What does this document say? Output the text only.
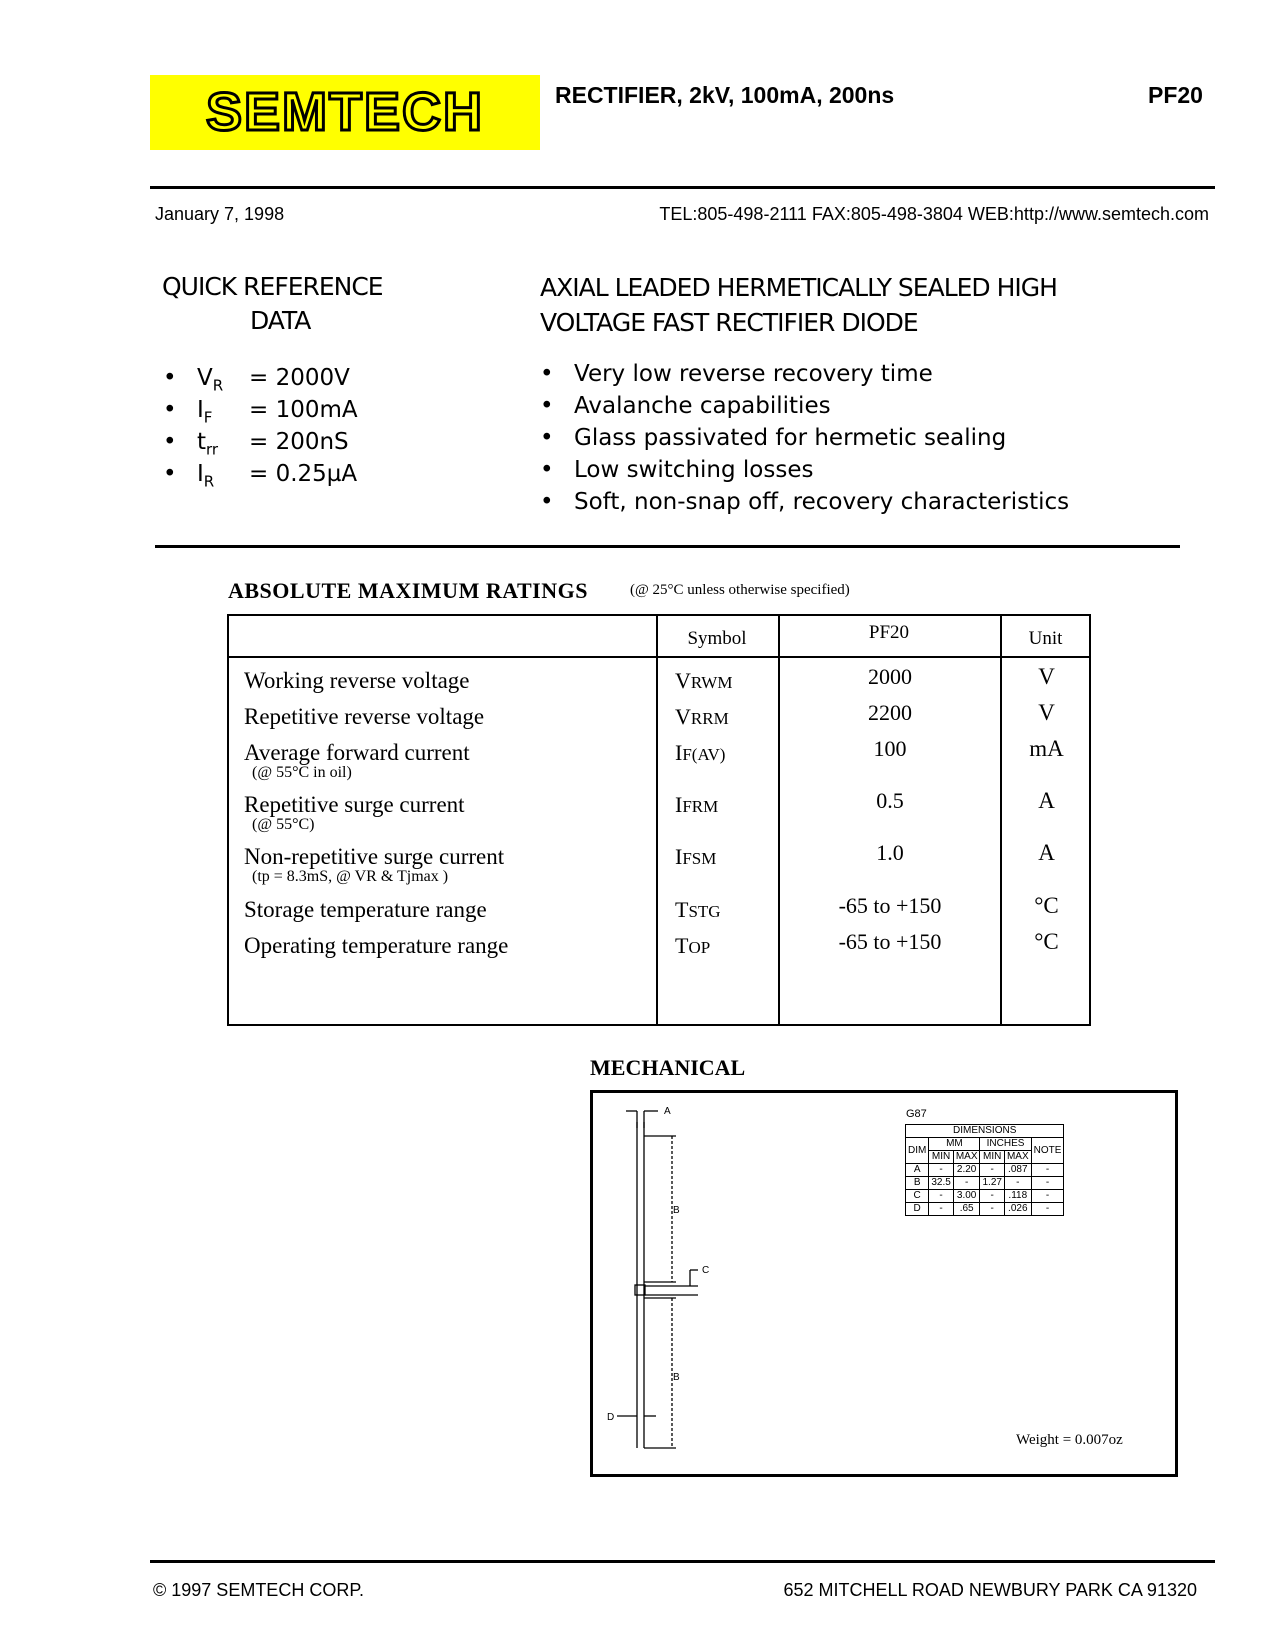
SEMTECH	RECTIFIER, 2kV, 100mA, 200ns	PF20
January 7, 1998	TEL:805-498-2111 FAX:805-498-3804 WEB:http://www.semtech.com
QUICK REFERENCE
DATA
• $V_R = 2000V$
• $I_F = 100mA$
• $t_{rr} = 200nS$
• $I_R = 0.25\mu A$
AXIAL LEADED HERMETICALLY SEALED HIGH
VOLTAGE FAST RECTIFIER DIODE
• Very low reverse recovery time
• Avalanche capabilities
• Glass passivated for hermetic sealing
• Low switching losses
• Soft, non-snap off, recovery characteristics
ABSOLUTE MAXIMUM RATINGS	(@ 25°C unless otherwise specified)
Symbol	PF20	Unit
Working reverse voltage	VRWM	2000	V
Repetitive reverse voltage	VRRM	2200	V
Average forward current
(@ 55°C in oil)
IF(AV)	100	mA
Repetitive surge current
(@ 55°C)
IFRM	0.5	A
Non-repetitive surge current
(tp = 8.3mS, @ VR & Tjmax )
IFSM	1.0	A
Storage temperature range	TSTG	-65 to +150	°C
Operating temperature range	TOP	-65 to +150	°C
MECHANICAL
A
B
C
B
D
G87
DIMENSIONS					
DIM	MM		INCHES		NOTE
	MIN	MAX	MIN	MAX	
A	-	2.20	-	.087	-
B	32.5	-	1.27	-	-
C	-	3.00	-	.118	-
D	-	.65	-	.026	-
Weight = 0.007oz
© 1997 SEMTECH CORP.	652 MITCHELL ROAD NEWBURY PARK CA 91320
